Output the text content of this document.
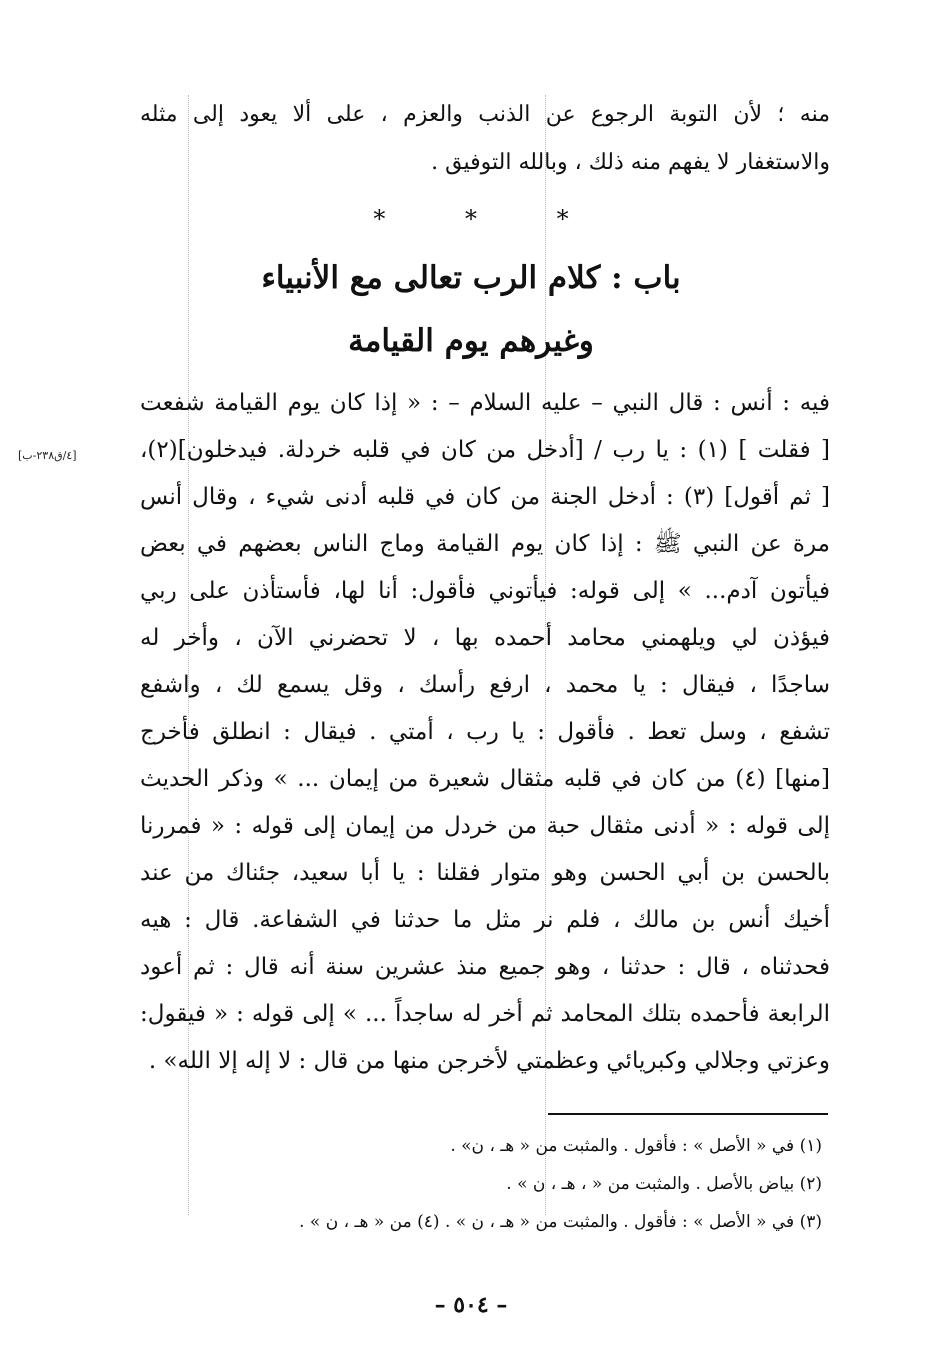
منه ؛ لأن التوبة الرجوع عن الذنب والعزم ، على ألا يعود إلى مثله
والاستغفار لا يفهم منه ذلك ، وبالله التوفيق .
*	*	*
باب : كلام الرب تعالى مع الأنبياء
وغيرهم يوم القيامة
[٤/ق٢٣٨-ب]
فيه : أنس : قال النبي – عليه السلام – : « إذا كان يوم القيامة شفعت
[ فقلت ] (١) : يا رب / [أدخل من كان في قلبه خردلة. فيدخلون](٢)،
[ ثم أقول] (٣) : أدخل الجنة من كان في قلبه أدنى شيء ، وقال أنس
مرة عن النبي ﷺ : إذا كان يوم القيامة وماج الناس بعضهم في بعض
فيأتون آدم... » إلى قوله: فيأتوني فأقول: أنا لها، فأستأذن على ربي
فيؤذن لي ويلهمني محامد أحمده بها ، لا تحضرني الآن ، وأخر له
ساجدًا ، فيقال : يا محمد ، ارفع رأسك ، وقل يسمع لك ، واشفع
تشفع ، وسل تعط . فأقول : يا رب ، أمتي . فيقال : انطلق فأخرج
[منها] (٤) من كان في قلبه مثقال شعيرة من إيمان ... » وذكر الحديث
إلى قوله : « أدنى مثقال حبة من خردل من إيمان إلى قوله : « فمررنا
بالحسن بن أبي الحسن وهو متوار فقلنا : يا أبا سعيد، جئناك من عند
أخيك أنس بن مالك ، فلم نر مثل ما حدثنا في الشفاعة. قال : هيه
فحدثناه ، قال : حدثنا ، وهو جميع منذ عشرين سنة أنه قال : ثم أعود
الرابعة فأحمده بتلك المحامد ثم أخر له ساجداً ... » إلى قوله : « فيقول:
وعزتي وجلالي وكبريائي وعظمتي لأخرجن منها من قال : لا إله إلا الله» .
(١) في « الأصل » : فأقول . والمثبت من « هـ ، ن» .
(٢) بياض بالأصل . والمثبت من « ، هـ ، ن » .
(٣) في « الأصل » : فأقول . والمثبت من « هـ ، ن » . (٤) من « هـ ، ن » .
– ٥٠٤ –
